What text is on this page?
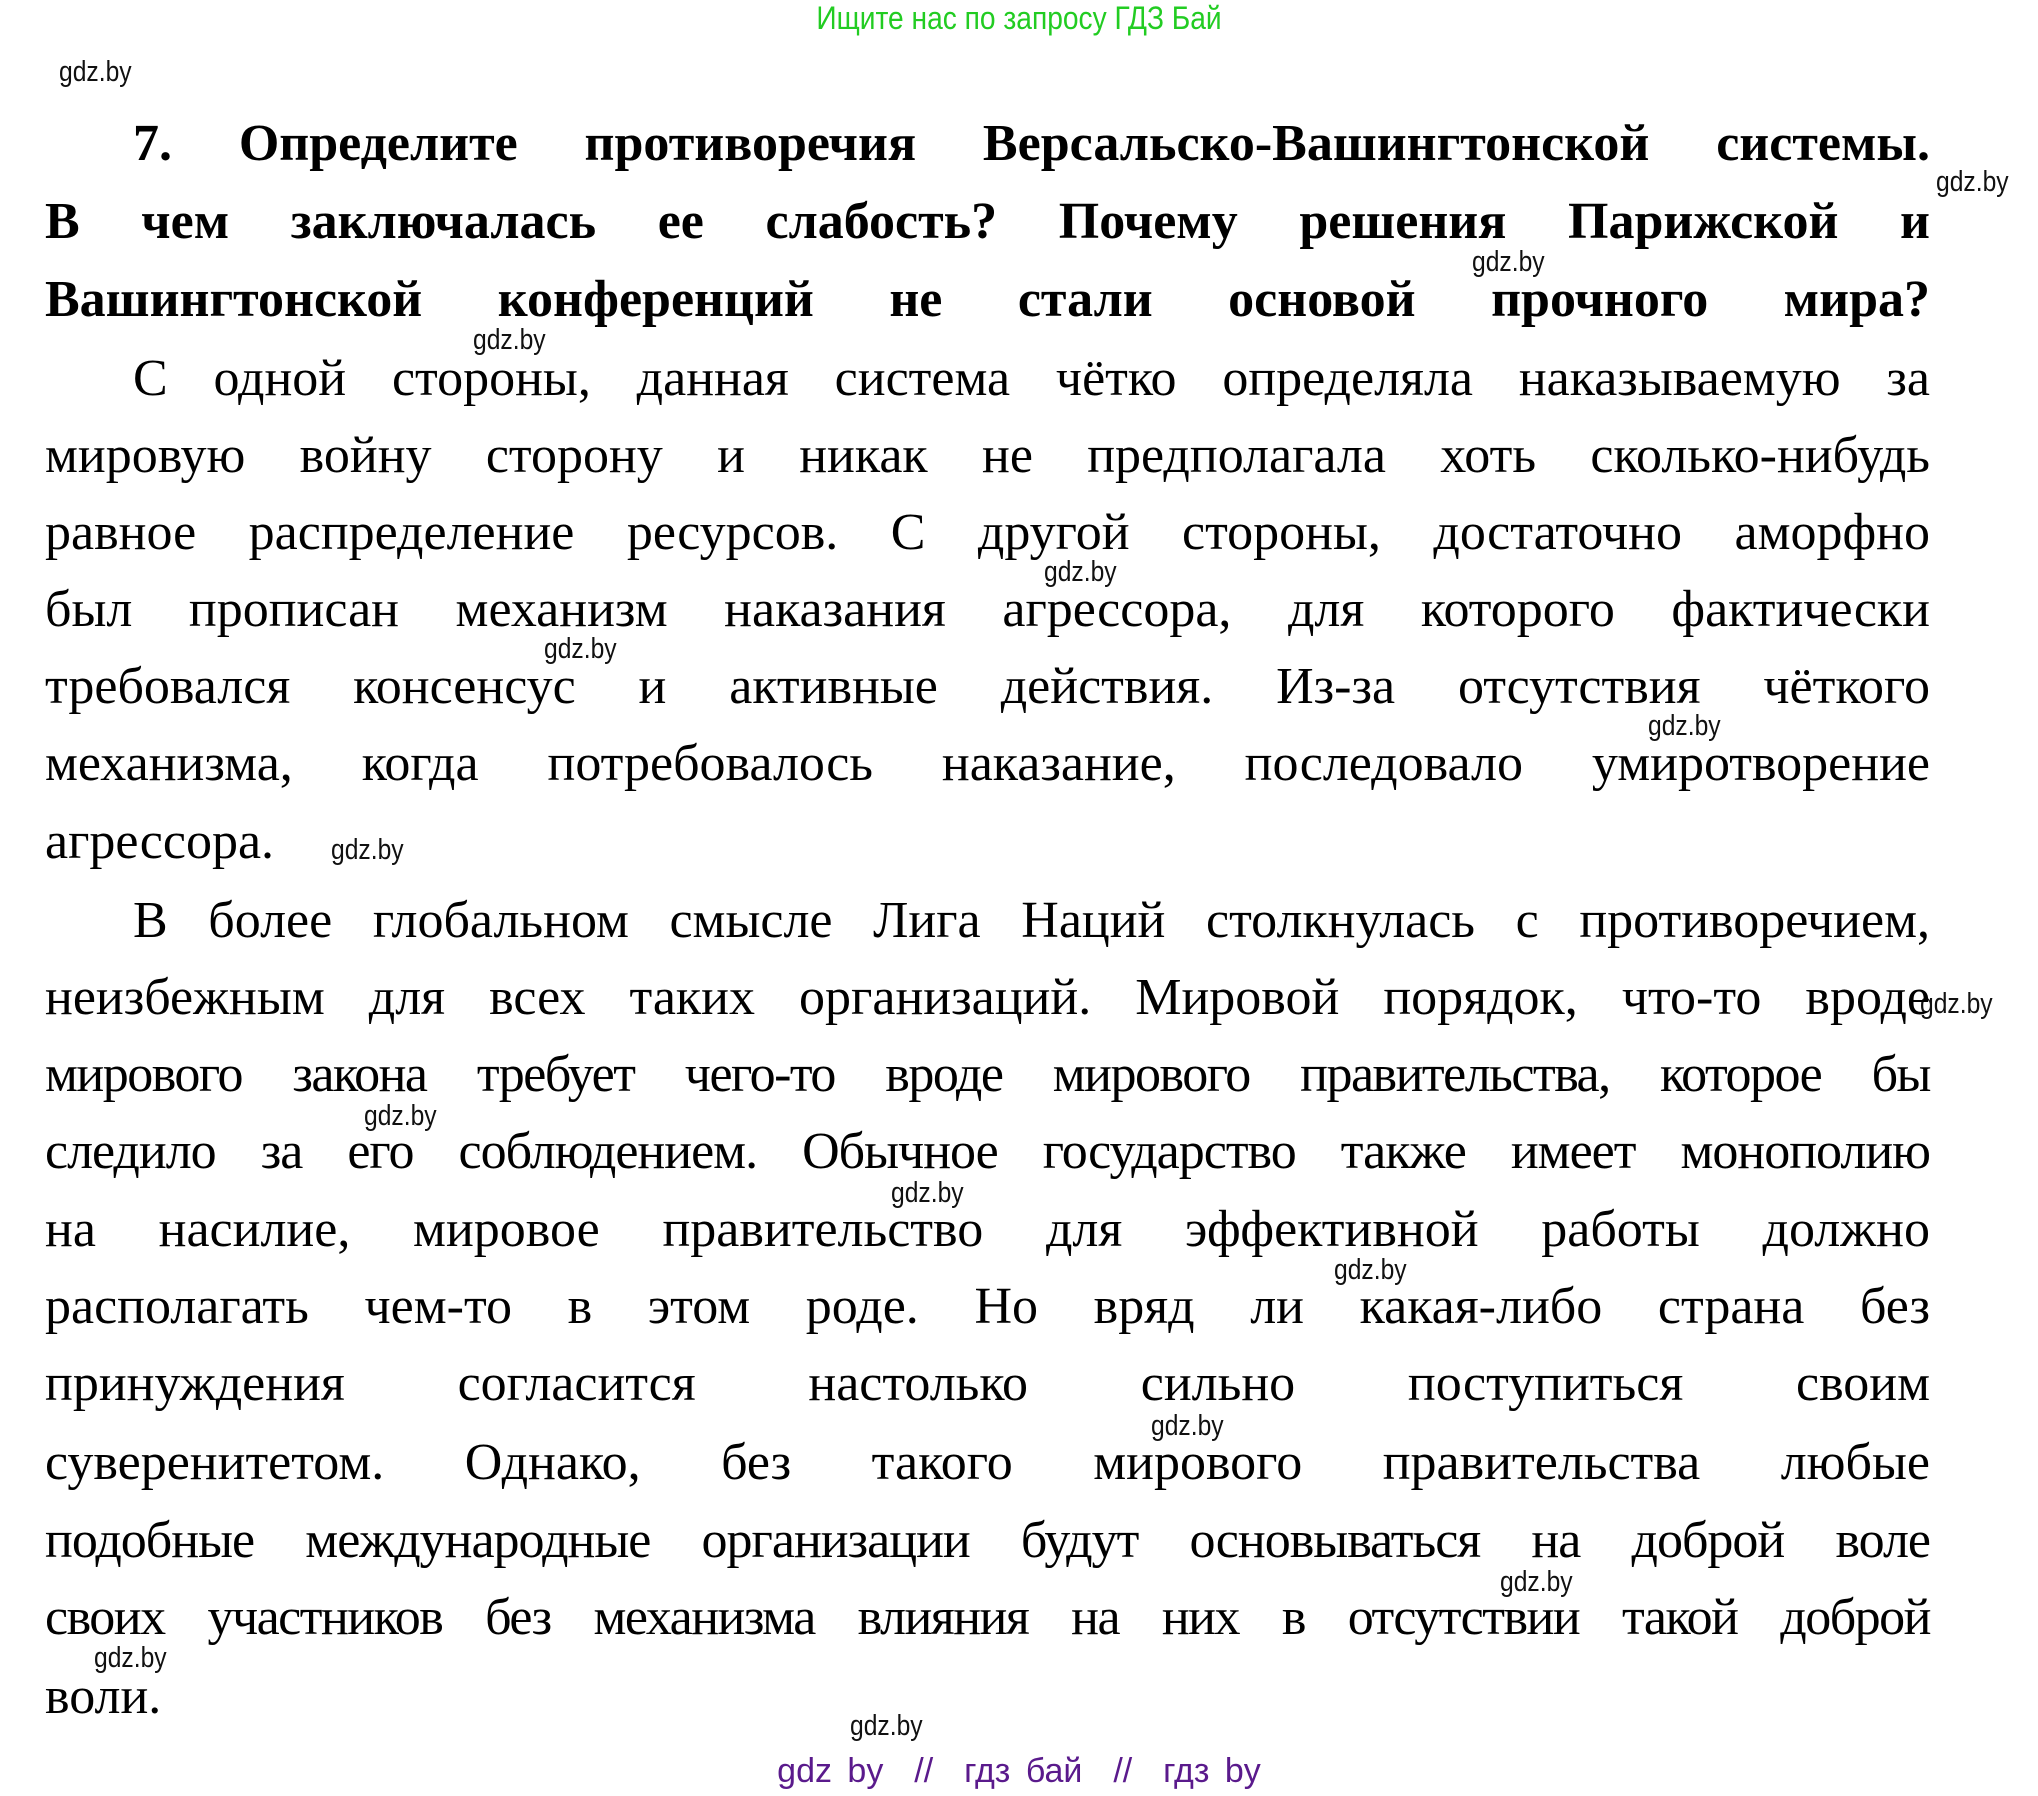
Ищите нас по запросу ГДЗ Бай
gdz.by
gdz.by
gdz.by
gdz.by
gdz.by
gdz.by
gdz.by
gdz.by
gdz.by
gdz.by
gdz.by
gdz.by
gdz.by
gdz.by
gdz.by
gdz.by
7. Определите противоречия Версальско-Вашингтонской системы.
В чем заключалась ее слабость? Почему решения Парижской и
Вашингтонской конференций не стали основой прочного мира?
С одной стороны, данная система чётко определяла наказываемую за
мировую войну сторону и никак не предполагала хоть сколько-нибудь
равное распределение ресурсов. С другой стороны, достаточно аморфно
был прописан механизм наказания агрессора, для которого фактически
требовался консенсус и активные действия. Из-за отсутствия чёткого
механизма, когда потребовалось наказание, последовало умиротворение
агрессора.
В более глобальном смысле Лига Наций столкнулась с противоречием,
неизбежным для всех таких организаций. Мировой порядок, что-то вроде
мирового закона требует чего-то вроде мирового правительства, которое бы
следило за его соблюдением. Обычное государство также имеет монополию
на насилие, мировое правительство для эффективной работы должно
располагать чем-то в этом роде. Но вряд ли какая-либо страна без
принуждения согласится настолько сильно поступиться своим
суверенитетом. Однако, без такого мирового правительства любые
подобные международные организации будут основываться на доброй воле
своих участников без механизма влияния на них в отсутствии такой доброй
воли.
gdz by // гдз бай // гдз by
